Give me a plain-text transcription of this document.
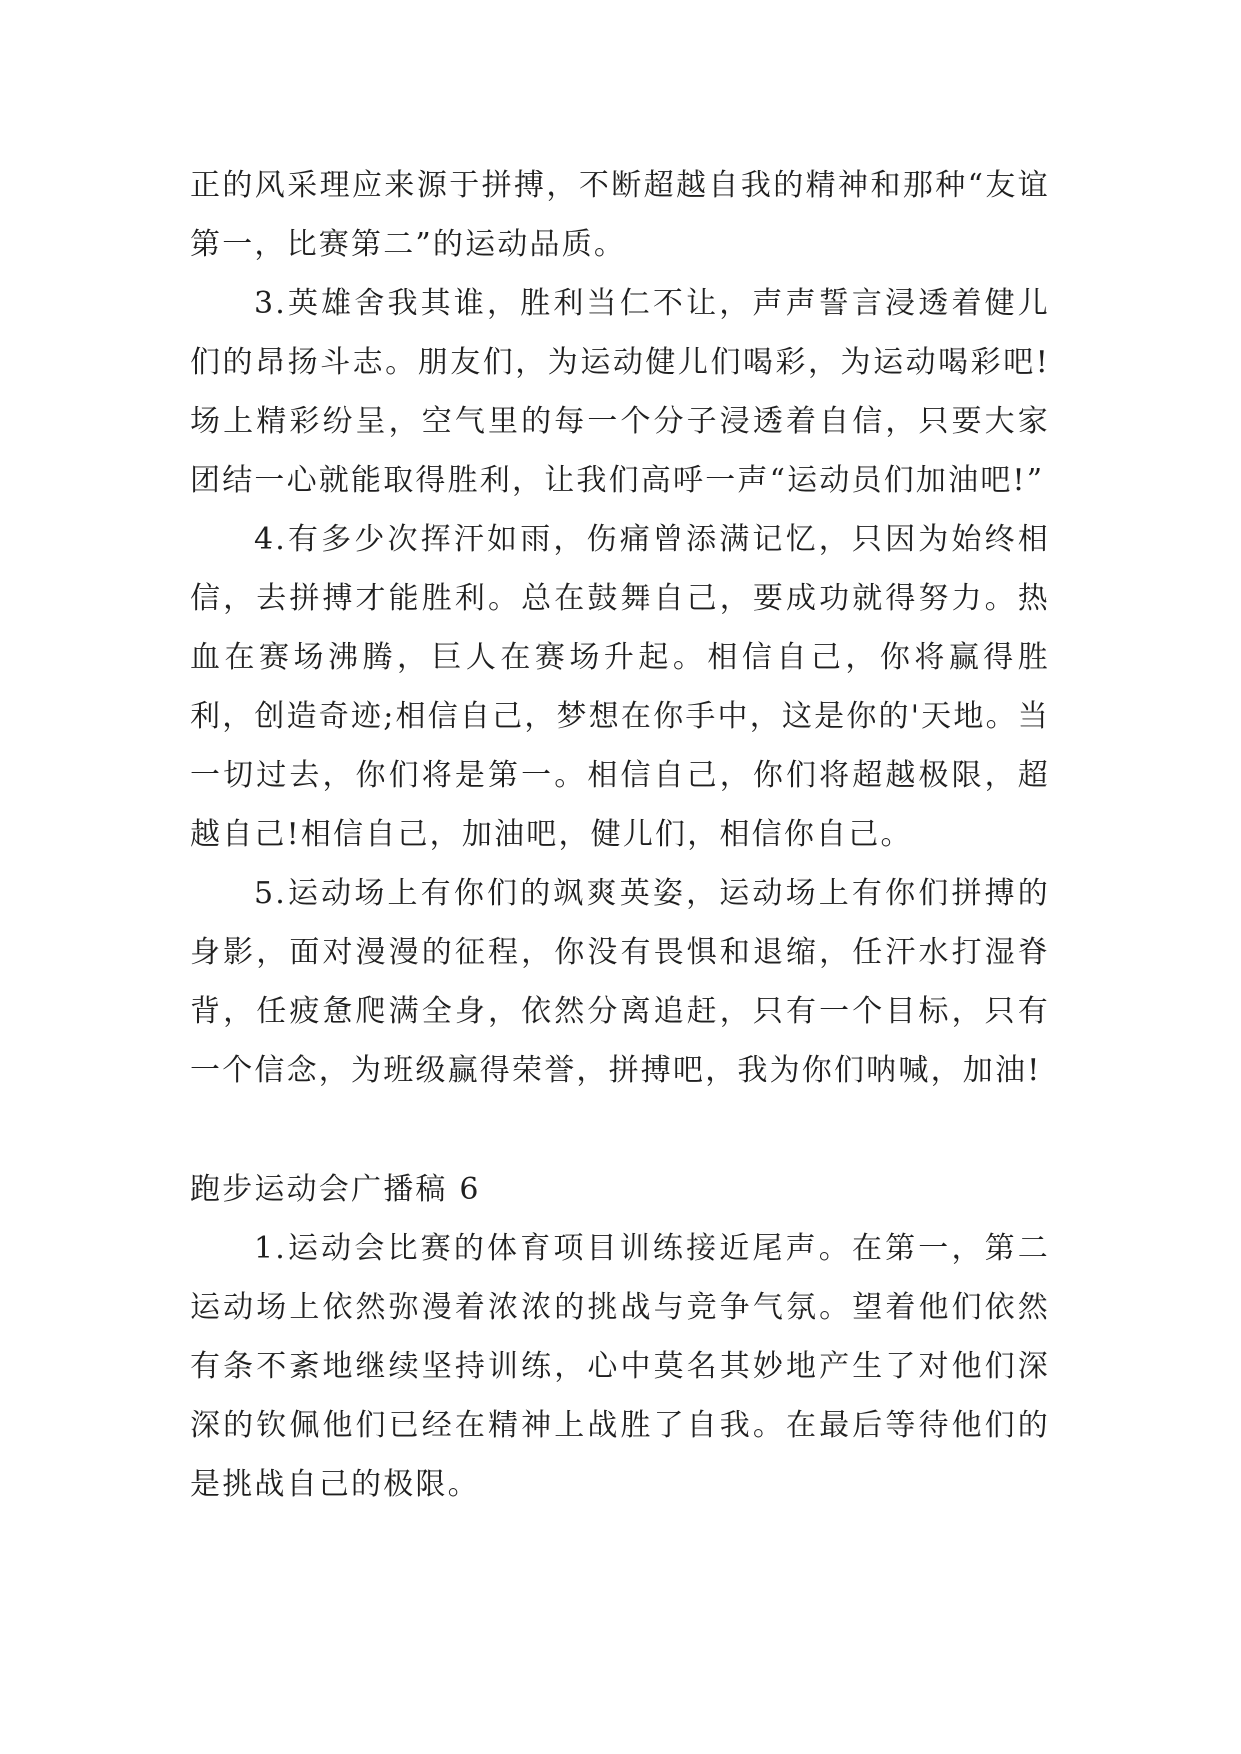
正的风采理应来源于拼搏，不断超越自我的精神和那种“友谊第一，比赛第二”的运动品质。

3.英雄舍我其谁，胜利当仁不让，声声誓言浸透着健儿们的昂扬斗志。朋友们，为运动健儿们喝彩，为运动喝彩吧!场上精彩纷呈，空气里的每一个分子浸透着自信，只要大家团结一心就能取得胜利，让我们高呼一声“运动员们加油吧!”

4.有多少次挥汗如雨，伤痛曾添满记忆，只因为始终相信，去拼搏才能胜利。总在鼓舞自己，要成功就得努力。热血在赛场沸腾，巨人在赛场升起。相信自己，你将赢得胜利，创造奇迹;相信自己，梦想在你手中，这是你的'天地。当一切过去，你们将是第一。相信自己，你们将超越极限，超越自己!相信自己，加油吧，健儿们，相信你自己。

5.运动场上有你们的飒爽英姿，运动场上有你们拼搏的身影，面对漫漫的征程，你没有畏惧和退缩，任汗水打湿脊背，任疲惫爬满全身，依然分离追赶，只有一个目标，只有一个信念，为班级赢得荣誉，拼搏吧，我为你们呐喊，加油!

跑步运动会广播稿 6

1.运动会比赛的体育项目训练接近尾声。在第一，第二运动场上依然弥漫着浓浓的挑战与竞争气氛。望着他们依然有条不紊地继续坚持训练，心中莫名其妙地产生了对他们深深的钦佩他们已经在精神上战胜了自我。在最后等待他们的是挑战自己的极限。
